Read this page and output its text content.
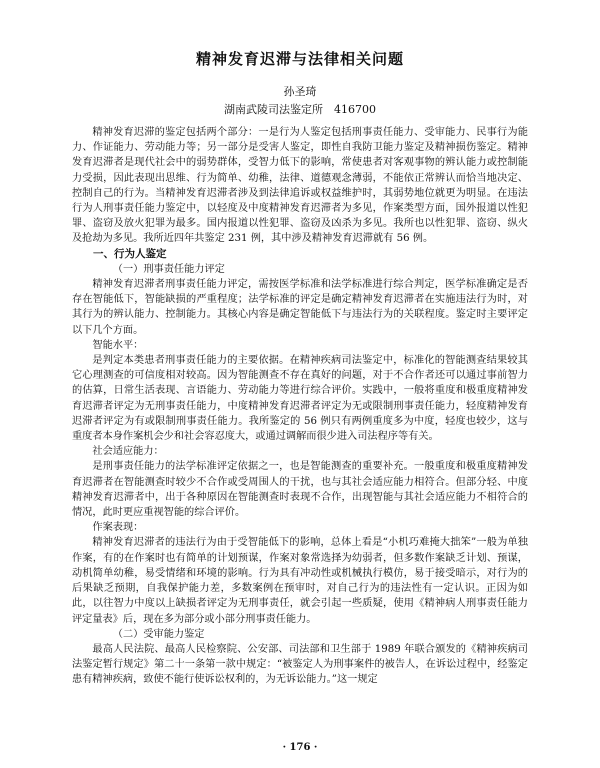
精神发育迟滞与法律相关问题
孙圣琦
湖南武陵司法鉴定所　416700

精神发育迟滞的鉴定包括两个部分：一是行为人鉴定包括刑事责任能力、受审能力、民事行为能力、作证能力、劳动能力等；另一部分是受害人鉴定，即性自我防卫能力鉴定及精神损伤鉴定。精神发育迟滞者是现代社会中的弱势群体，受智力低下的影响，常使患者对客观事物的辨认能力或控制能力受损，因此表现出思维、行为简单、幼稚，法律、道德观念薄弱，不能依正常辨认而恰当地决定、控制自己的行为。当精神发育迟滞者涉及到法律追诉或权益维护时，其弱势地位就更为明显。在违法行为人刑事责任能力鉴定中，以轻度及中度精神发育迟滞者为多见，作案类型方面，国外报道以性犯罪、盗窃及放火犯罪为最多。国内报道以性犯罪、盗窃及凶杀为多见。我所也以性犯罪、盗窃、纵火及抢劫为多见。我所近四年共鉴定 231 例，其中涉及精神发育迟滞就有 56 例。

一、行为人鉴定
（一）刑事责任能力评定

精神发育迟滞者刑事责任能力评定，需按医学标准和法学标准进行综合判定，医学标准确定是否存在智能低下，智能缺损的严重程度；法学标准的评定是确定精神发育迟滞者在实施违法行为时，对其行为的辨认能力、控制能力。其核心内容是确定智能低下与违法行为的关联程度。鉴定时主要评定以下几个方面。

智能水平：

是判定本类患者刑事责任能力的主要依据。在精神疾病司法鉴定中，标准化的智能测查结果较其它心理测查的可信度相对较高。因为智能测查不存在真好的问题，对于不合作者还可以通过事前智力的估算，日常生活表现、言语能力、劳动能力等进行综合评价。实践中，一般将重度和极重度精神发育迟滞者评定为无刑事责任能力，中度精神发育迟滞者评定为无或限制刑事责任能力，轻度精神发育迟滞者评定为有或限制刑事责任能力。我所鉴定的 56 例只有两例重度多为中度，轻度也较少，这与重度者本身作案机会少和社会容忍度大，或通过调解而很少进入司法程序等有关。

社会适应能力：

是刑事责任能力的法学标准评定依据之一，也是智能测查的重要补充。一般重度和极重度精神发育迟滞者在智能测查时较少不合作或受周围人的干扰，也与其社会适应能力相符合。但部分轻、中度精神发育迟滞者中，出于各种原因在智能测查时表现不合作，出现智能与其社会适应能力不相符合的情况，此时更应重视智能的综合评价。

作案表现：

精神发育迟滞者的违法行为由于受智能低下的影响，总体上看是“小机巧难掩大拙笨”一般为单独作案，有的在作案时也有简单的计划预谋，作案对象常选择为幼弱者，但多数作案缺乏计划、预谋，动机简单幼稚，易受情绪和环境的影响。行为具有冲动性或机械执行模仿，易于接受暗示，对行为的后果缺乏预期，自我保护能力差，多数案例在预审时，对自己行为的违法性有一定认识。正因为如此，以往智力中度以上缺损者评定为无刑事责任，就会引起一些质疑，使用《精神病人刑事责任能力评定量表》后，现在多为部分或小部分刑事责任能力。

（二）受审能力鉴定

最高人民法院、最高人民检察院、公安部、司法部和卫生部于 1989 年联合颁发的《精神疾病司法鉴定暂行规定》第二十一条第一款中规定：“被鉴定人为刑事案件的被告人，在诉讼过程中，经鉴定患有精神疾病，致使不能行使诉讼权利的，为无诉讼能力。”这一规定

· 176 ·
